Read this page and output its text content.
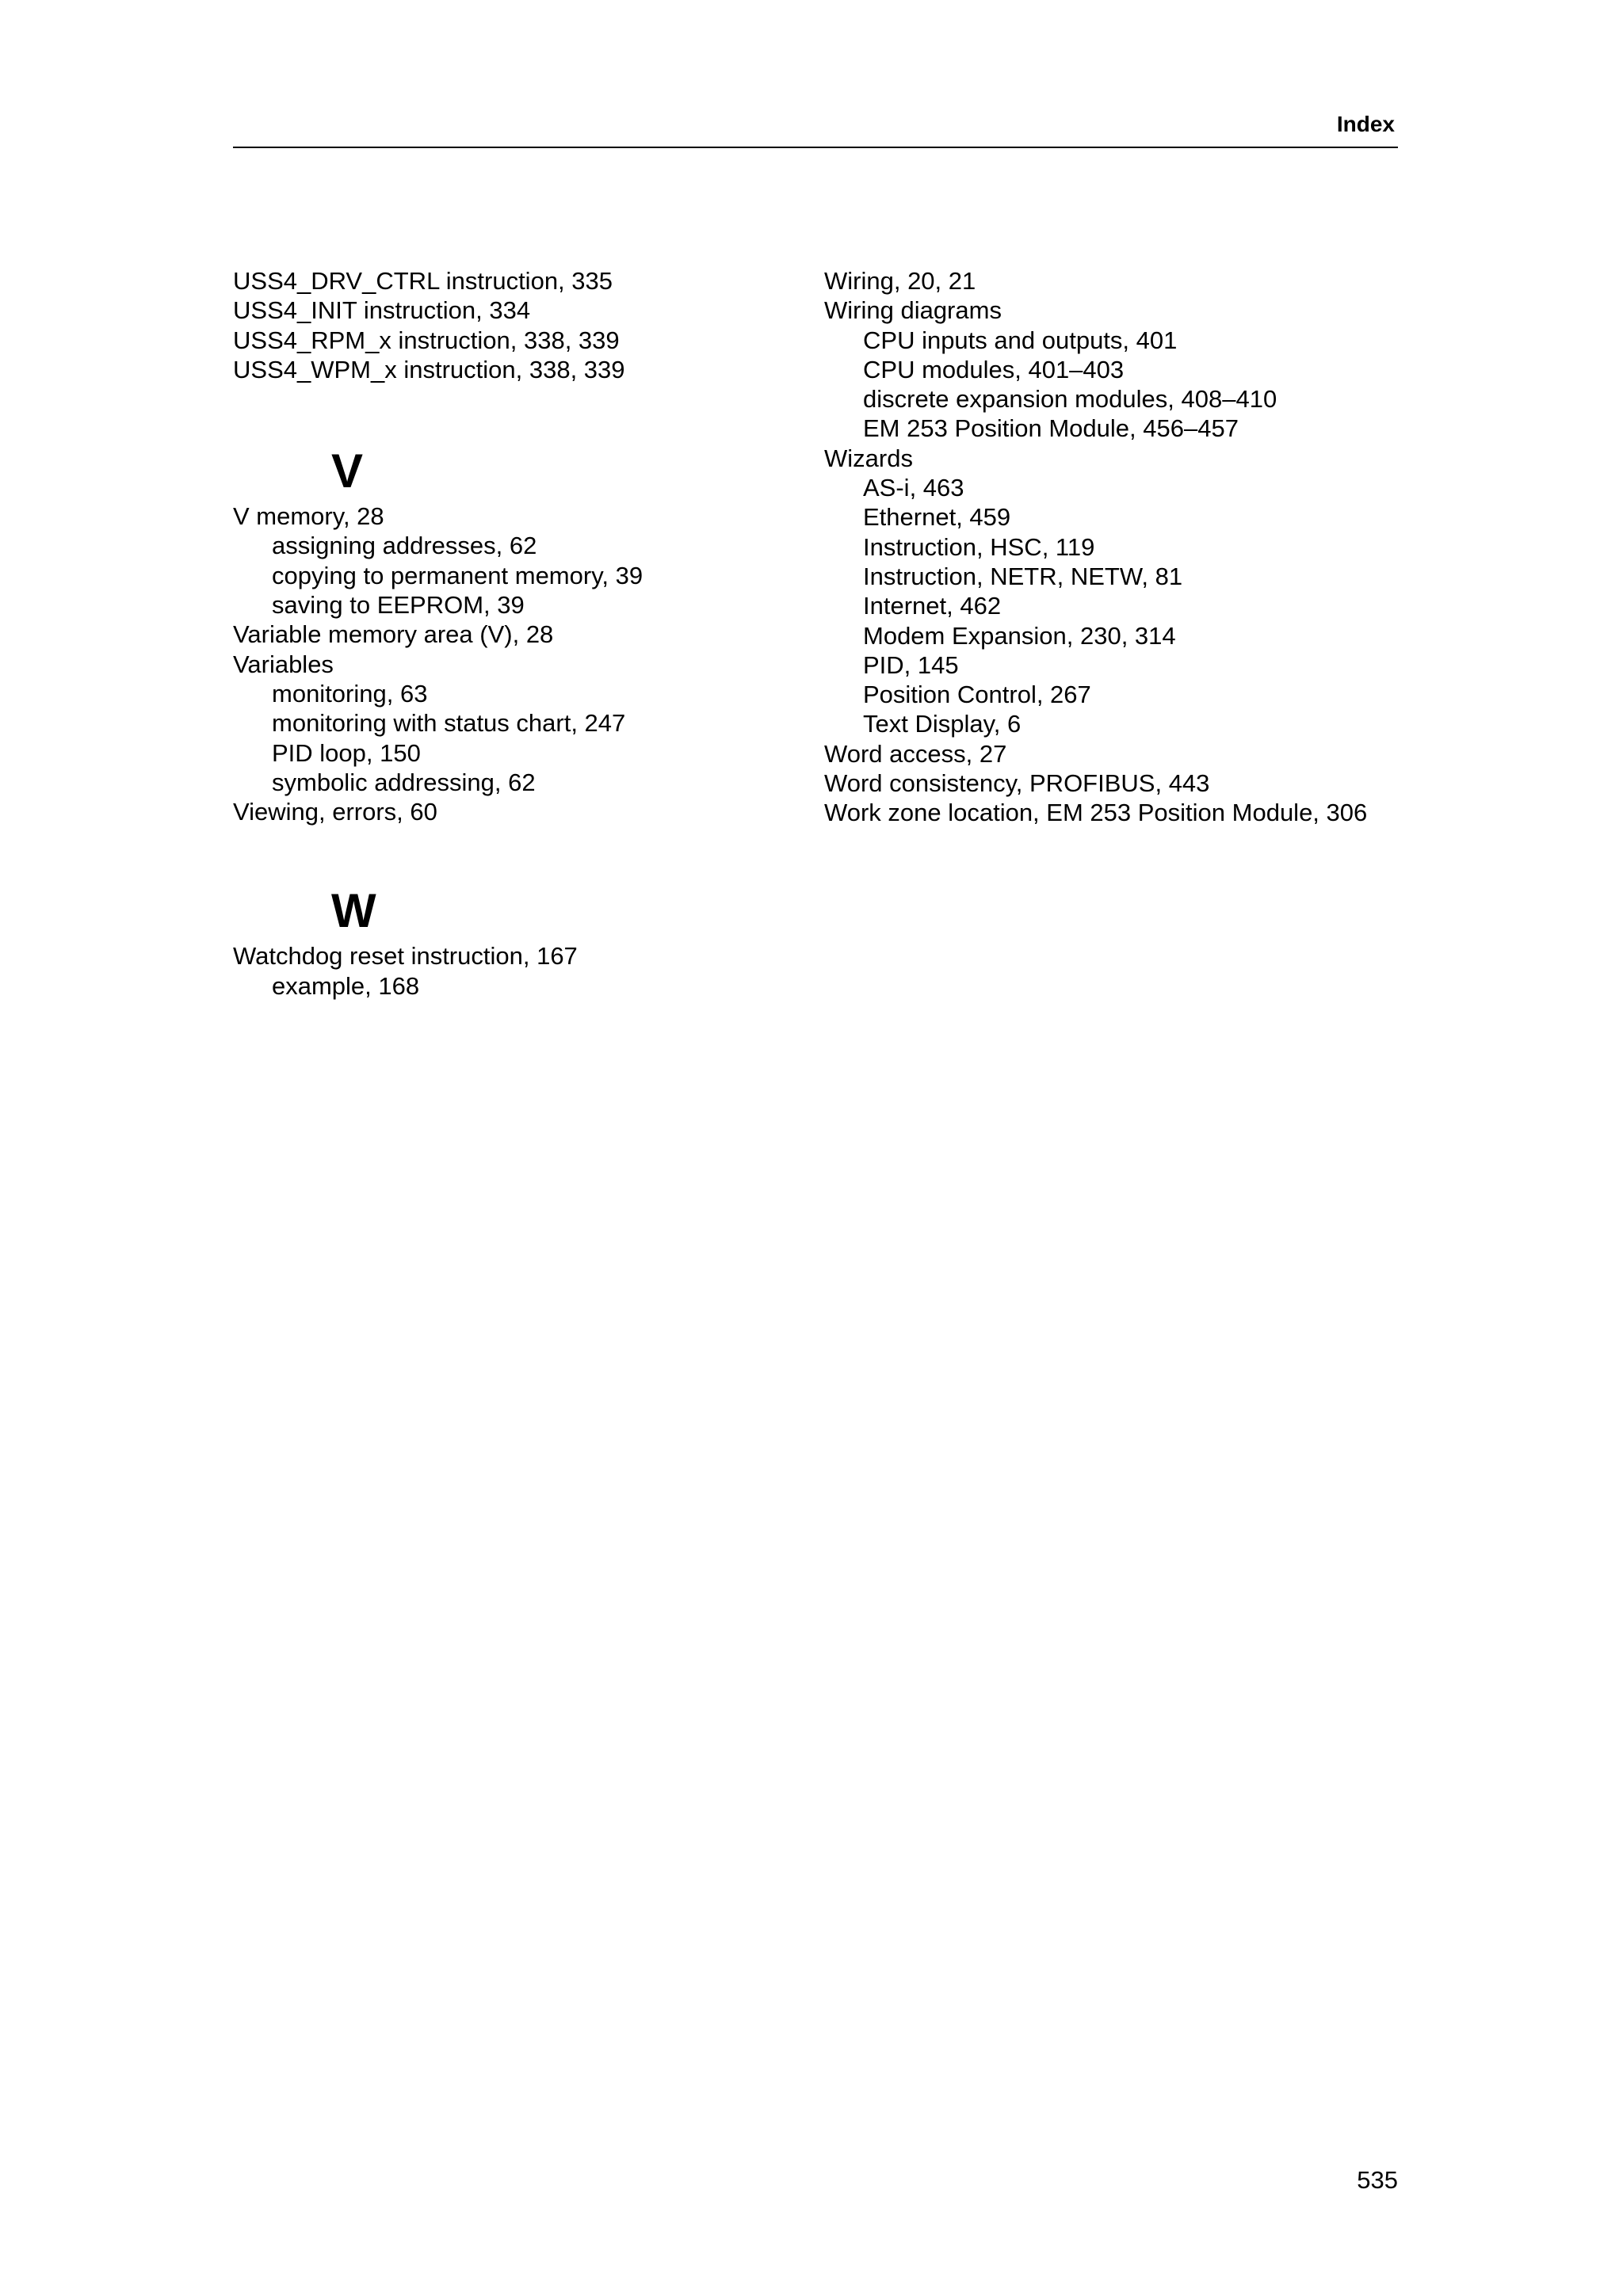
Index
USS4_DRV_CTRL instruction, 335
USS4_INIT instruction, 334
USS4_RPM_x instruction, 338, 339
USS4_WPM_x instruction, 338, 339
V
V memory, 28
assigning addresses, 62
copying to permanent memory, 39
saving to EEPROM, 39
Variable memory area (V), 28
Variables
monitoring, 63
monitoring with status chart, 247
PID loop, 150
symbolic addressing, 62
Viewing, errors, 60
W
Watchdog reset instruction, 167
example, 168
Wiring, 20, 21
Wiring diagrams
CPU inputs and outputs, 401
CPU modules, 401–403
discrete expansion modules, 408–410
EM 253 Position Module, 456–457
Wizards
AS‑i, 463
Ethernet, 459
Instruction, HSC, 119
Instruction, NETR, NETW, 81
Internet, 462
Modem Expansion, 230, 314
PID, 145
Position Control, 267
Text Display, 6
Word access, 27
Word consistency, PROFIBUS, 443
Work zone location, EM 253 Position Module, 306
535
